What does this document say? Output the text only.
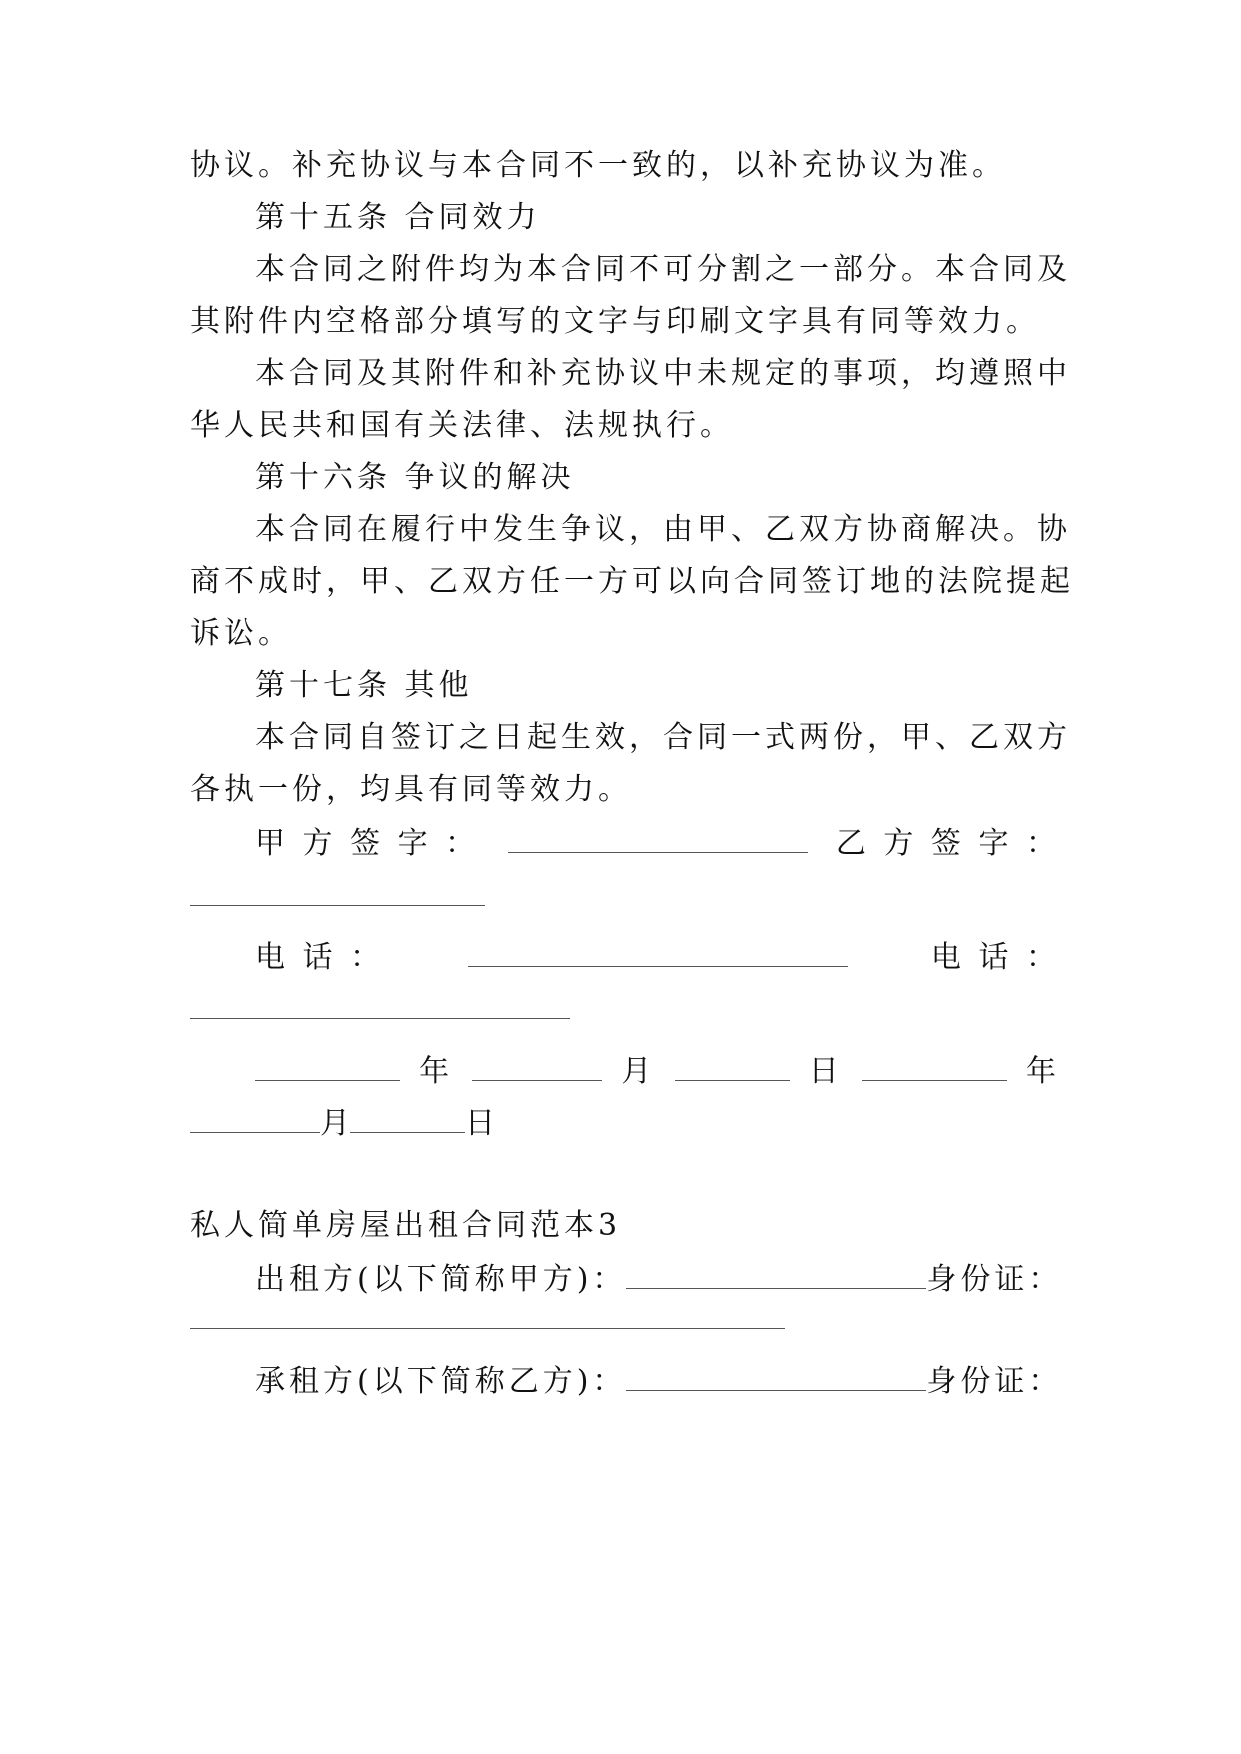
协议。补充协议与本合同不一致的，以补充协议为准。
第十五条 合同效力
本合同之附件均为本合同不可分割之一部分。本合同及
其附件内空格部分填写的文字与印刷文字具有同等效力。
本合同及其附件和补充协议中未规定的事项，均遵照中
华人民共和国有关法律、法规执行。
第十六条 争议的解决
本合同在履行中发生争议，由甲、乙双方协商解决。协
商不成时，甲、乙双方任一方可以向合同签订地的法院提起
诉讼。
第十七条 其他
本合同自签订之日起生效，合同一式两份，甲、乙双方
各执一份，均具有同等效力。
甲 方 签 字 ：	乙 方 签 字 ：
电 话 ：	电 话 ：
年	月	日	年
月	日
私人简单房屋出租合同范本3
出租方(以下简称甲方)：	身份证：
承租方(以下简称乙方)：	身份证：
